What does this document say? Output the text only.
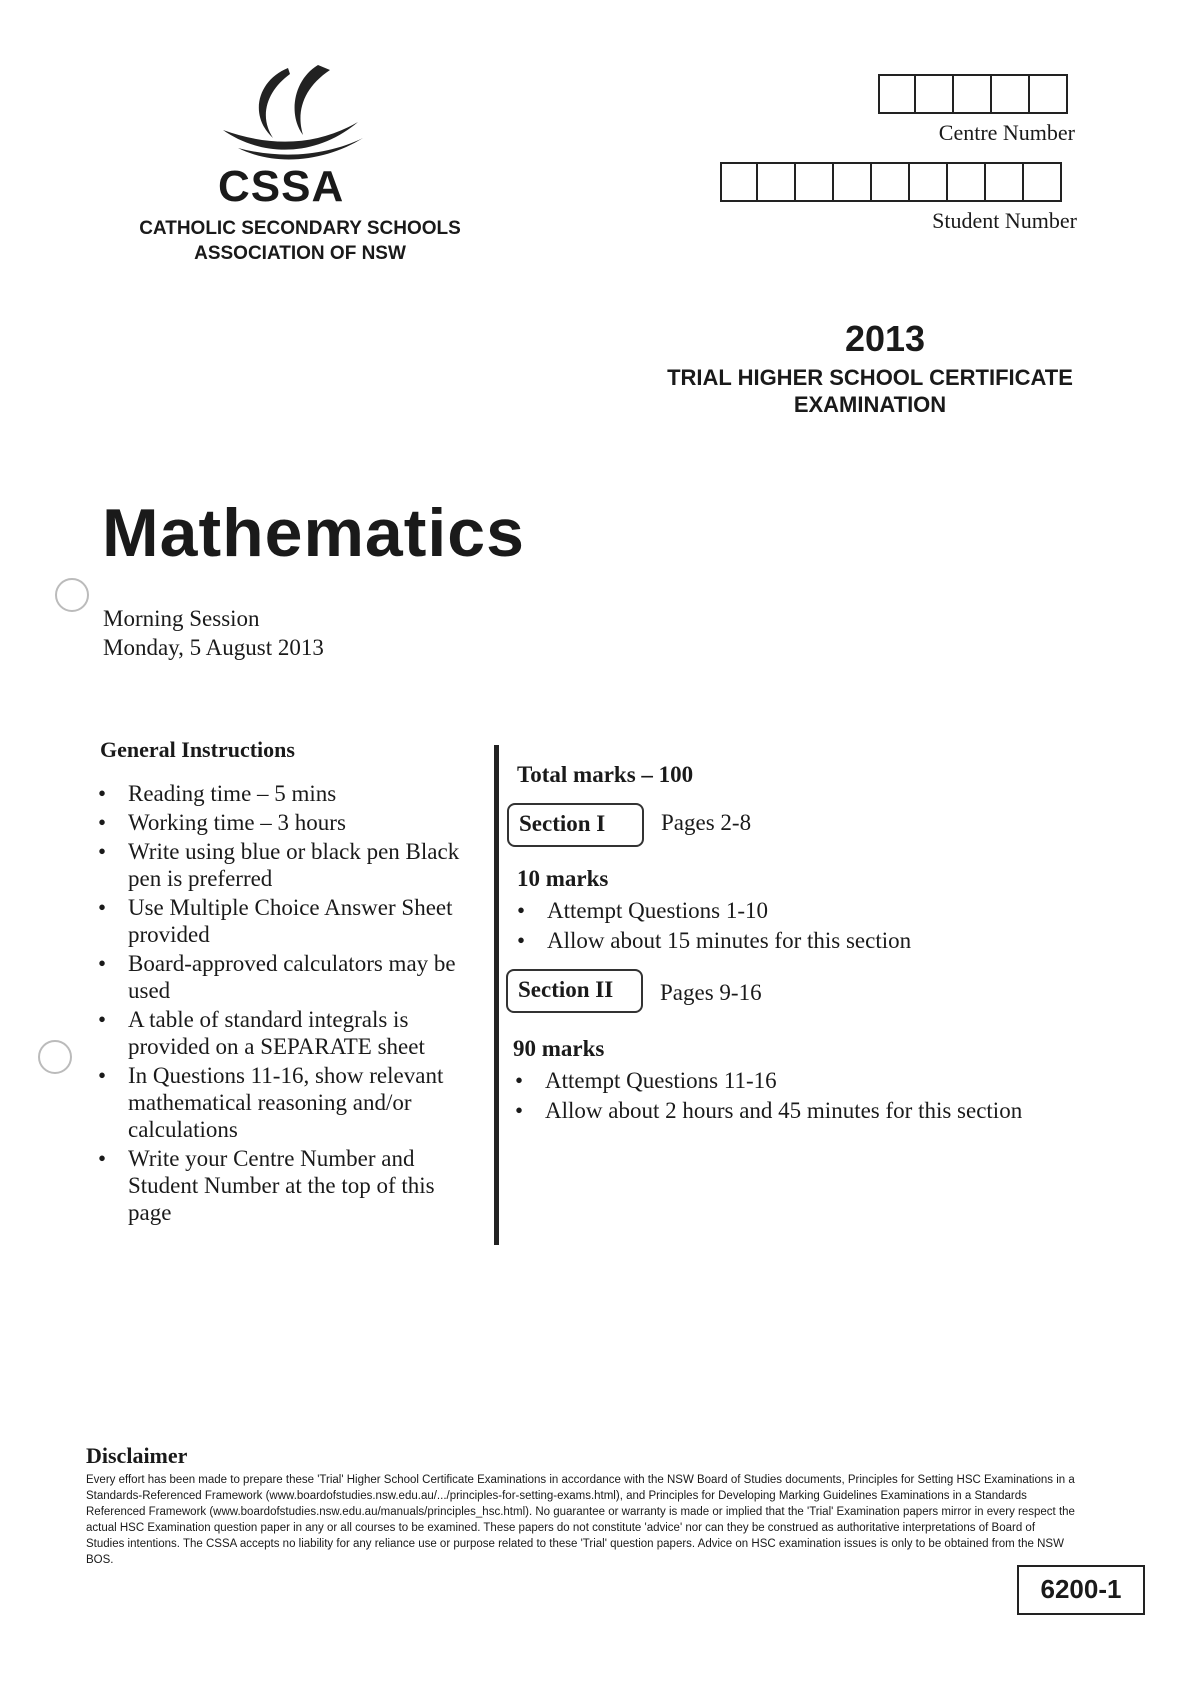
CSSA
CATHOLIC SECONDARY SCHOOLS
ASSOCIATION OF NSW
Centre Number
Student Number
2013
TRIAL HIGHER SCHOOL CERTIFICATE
EXAMINATION
Mathematics
Morning Session
Monday, 5 August 2013
General Instructions
• Reading time – 5 mins
• Working time – 3 hours
• Write using blue or black pen Black pen is preferred
• Use Multiple Choice Answer Sheet provided
• Board-approved calculators may be used
• A table of standard integrals is provided on a SEPARATE sheet
• In Questions 11-16, show relevant mathematical reasoning and/or calculations
• Write your Centre Number and Student Number at the top of this page
Total marks – 100
Section I	Pages 2-8
10 marks
• Attempt Questions 1-10
• Allow about 15 minutes for this section
Section II	Pages 9-16
90 marks
• Attempt Questions 11-16
• Allow about 2 hours and 45 minutes for this section
Disclaimer
Every effort has been made to prepare these 'Trial' Higher School Certificate Examinations in accordance with the NSW Board of Studies documents, Principles for Setting HSC Examinations in a Standards-Referenced Framework (www.boardofstudies.nsw.edu.au/.../principles-for-setting-exams.html), and Principles for Developing Marking Guidelines Examinations in a Standards Referenced Framework (www.boardofstudies.nsw.edu.au/manuals/principles_hsc.html). No guarantee or warranty is made or implied that the 'Trial' Examination papers mirror in every respect the actual HSC Examination question paper in any or all courses to be examined. These papers do not constitute 'advice' nor can they be construed as authoritative interpretations of Board of Studies intentions. The CSSA accepts no liability for any reliance use or purpose related to these 'Trial' question papers. Advice on HSC examination issues is only to be obtained from the NSW BOS.
6200-1
